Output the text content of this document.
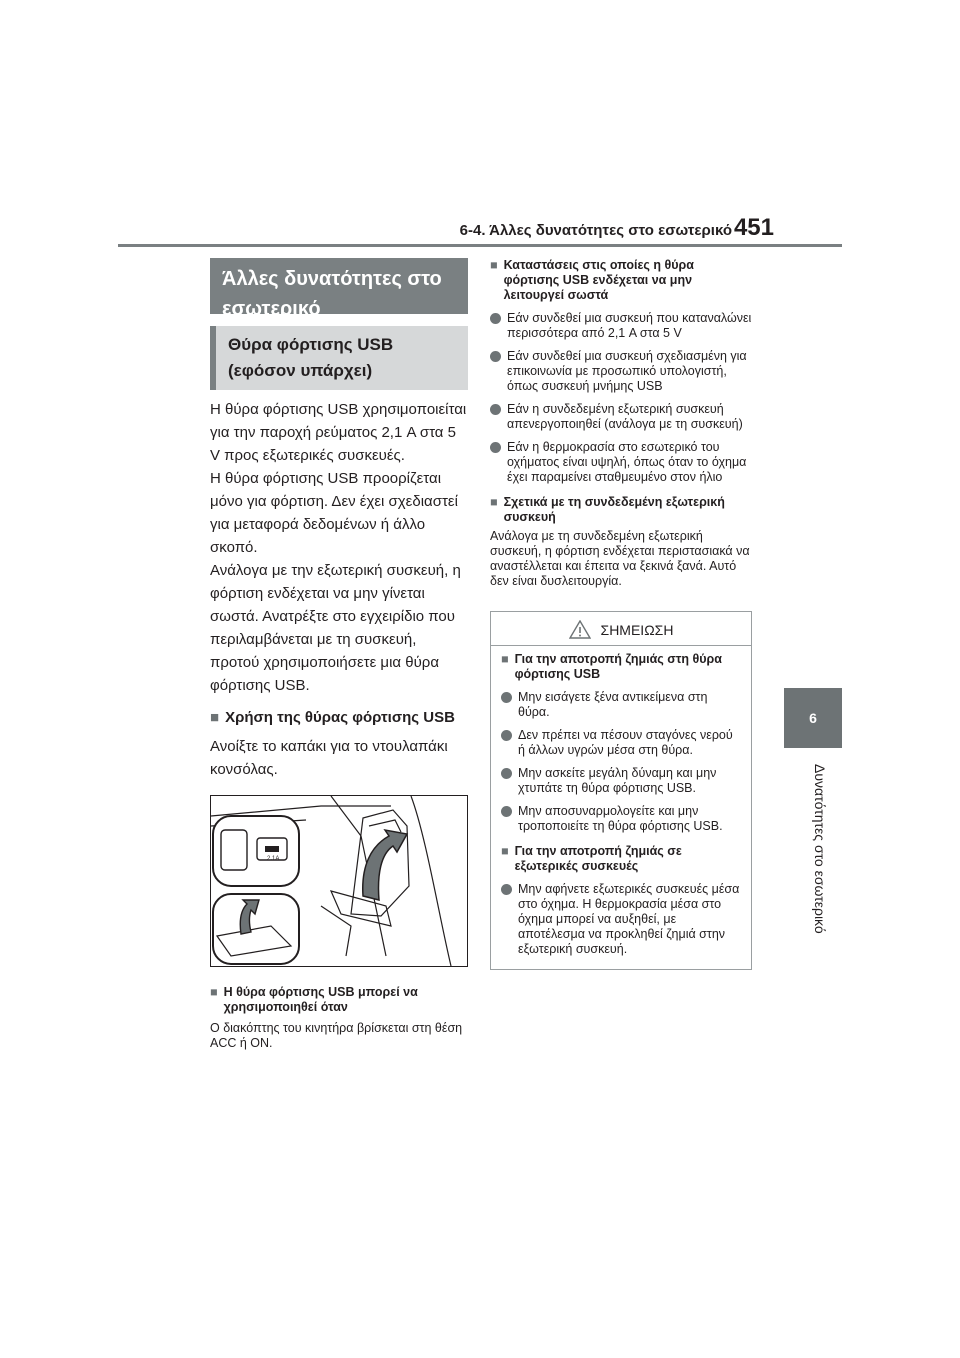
6-4. Άλλες δυνατότητες στο εσωτερικό 451
6
Δυνατότητες στο εσωτερικό
Άλλες δυνατότητες στο εσωτερικό
Θύρα φόρτισης USB (εφόσον υπάρχει)

Η θύρα φόρτισης USB χρησιμοποιείται για την παροχή ρεύματος 2,1 A στα 5 V προς εξωτερικές συσκευές.

Η θύρα φόρτισης USB προορίζεται μόνο για φόρτιση. Δεν έχει σχεδιαστεί για μεταφορά δεδομένων ή άλλο σκοπό.

Ανάλογα με την εξωτερική συσκευή, η φόρτιση ενδέχεται να μην γίνεται σωστά. Ανατρέξτε στο εγχειρίδιο που περιλαμβάνεται με τη συσκευή, προτού χρησιμοποιήσετε μια θύρα φόρτισης USB.

■ Χρήση της θύρας φόρτισης USB

Ανοίξτε το καπάκι για το ντουλαπάκι κονσόλας.

2.1A
■ Η θύρα φόρτισης USB μπορεί να χρησιμοποιηθεί όταν

Ο διακόπτης του κινητήρα βρίσκεται στη θέση ACC ή ON.

■ Καταστάσεις στις οποίες η θύρα φόρτισης USB ενδέχεται να μην λειτουργεί σωστά
Εάν συνδεθεί μια συσκευή που καταναλώνει περισσότερα από 2,1 A στα 5 V
Εάν συνδεθεί μια συσκευή σχεδιασμένη για επικοινωνία με προσωπικό υπολογιστή, όπως συσκευή μνήμης USB
Εάν η συνδεδεμένη εξωτερική συσκευή απενεργοποιηθεί (ανάλογα με τη συσκευή)
Εάν η θερμοκρασία στο εσωτερικό του οχήματος είναι υψηλή, όπως όταν το όχημα έχει παραμείνει σταθμευμένο στον ήλιο
■ Σχετικά με τη συνδεδεμένη εξωτερική συσκευή

Ανάλογα με τη συνδεδεμένη εξωτερική συσκευή, η φόρτιση ενδέχεται περιστασιακά να αναστέλλεται και έπειτα να ξεκινά ξανά. Αυτό δεν είναι δυσλειτουργία.

ΣΗΜΕΙΩΣΗ
■ Για την αποτροπή ζημιάς στη θύρα φόρτισης USB
Μην εισάγετε ξένα αντικείμενα στη θύρα.
Δεν πρέπει να πέσουν σταγόνες νερού ή άλλων υγρών μέσα στη θύρα.
Μην ασκείτε μεγάλη δύναμη και μην χτυπάτε τη θύρα φόρτισης USB.
Μην αποσυναρμολογείτε και μην τροποποιείτε τη θύρα φόρτισης USB.
■ Για την αποτροπή ζημιάς σε εξωτερικές συσκευές
Μην αφήνετε εξωτερικές συσκευές μέσα στο όχημα. Η θερμοκρασία μέσα στο όχημα μπορεί να αυξηθεί, με αποτέλεσμα να προκληθεί ζημιά στην εξωτερική συσκευή.
